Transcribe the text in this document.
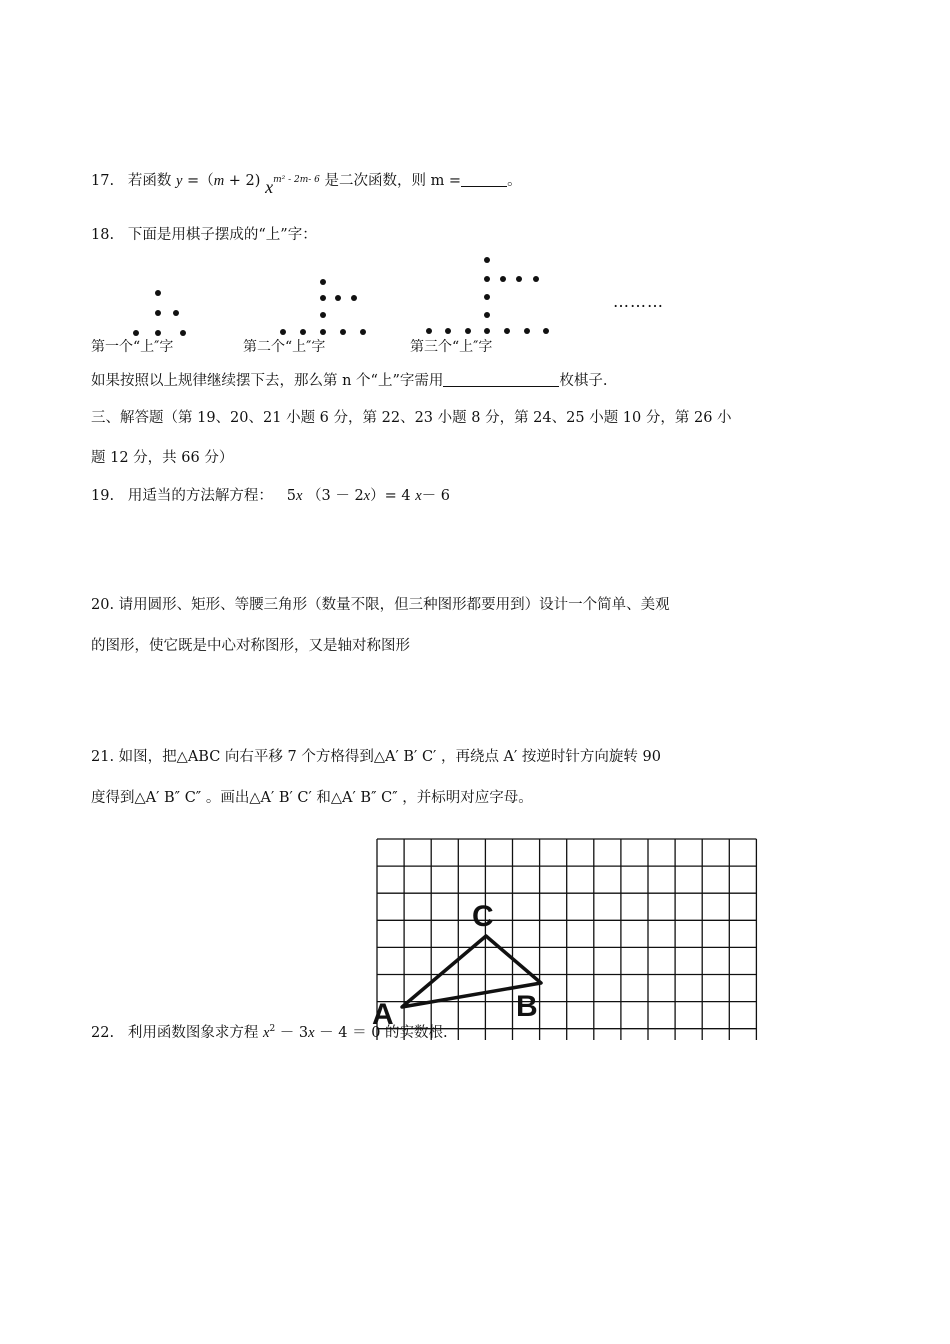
17. 若函数 y =（m + 2) $x^{m^2 - 2m- 6}$ 是二次函数，则 m =	。
18. 下面是用棋子摆成的“上”字：
………
第一个“上″字	第二个“上″字	第三个“上″字
如果按照以上规律继续摆下去，那么第 n 个“上”字需用	枚棋子.
三、解答题（第 19、20、21 小题 6 分，第 22、23 小题 8 分，第 24、25 小题 10 分，第 26 小
题 12 分，共 66 分）
19. 用适当的方法解方程： 5x （3 － 2x）= 4 x－ 6
20. 请用圆形、矩形、等腰三角形（数量不限，但三种图形都要用到）设计一个简单、美观
的图形，使它既是中心对称图形，又是轴对称图形
21. 如图，把△ABC 向右平移 7 个方格得到△A′ B′ C′ ，再绕点 A′ 按逆时针方向旋转 90
度得到△A′ B″ C″ 。画出△A′ B′ C′ 和△A′ B″ C″ ，并标明对应字母。
22. 利用函数图象求方程 $x^2 - 3x - 4 = 0$ 的实数根.
C
B
A
